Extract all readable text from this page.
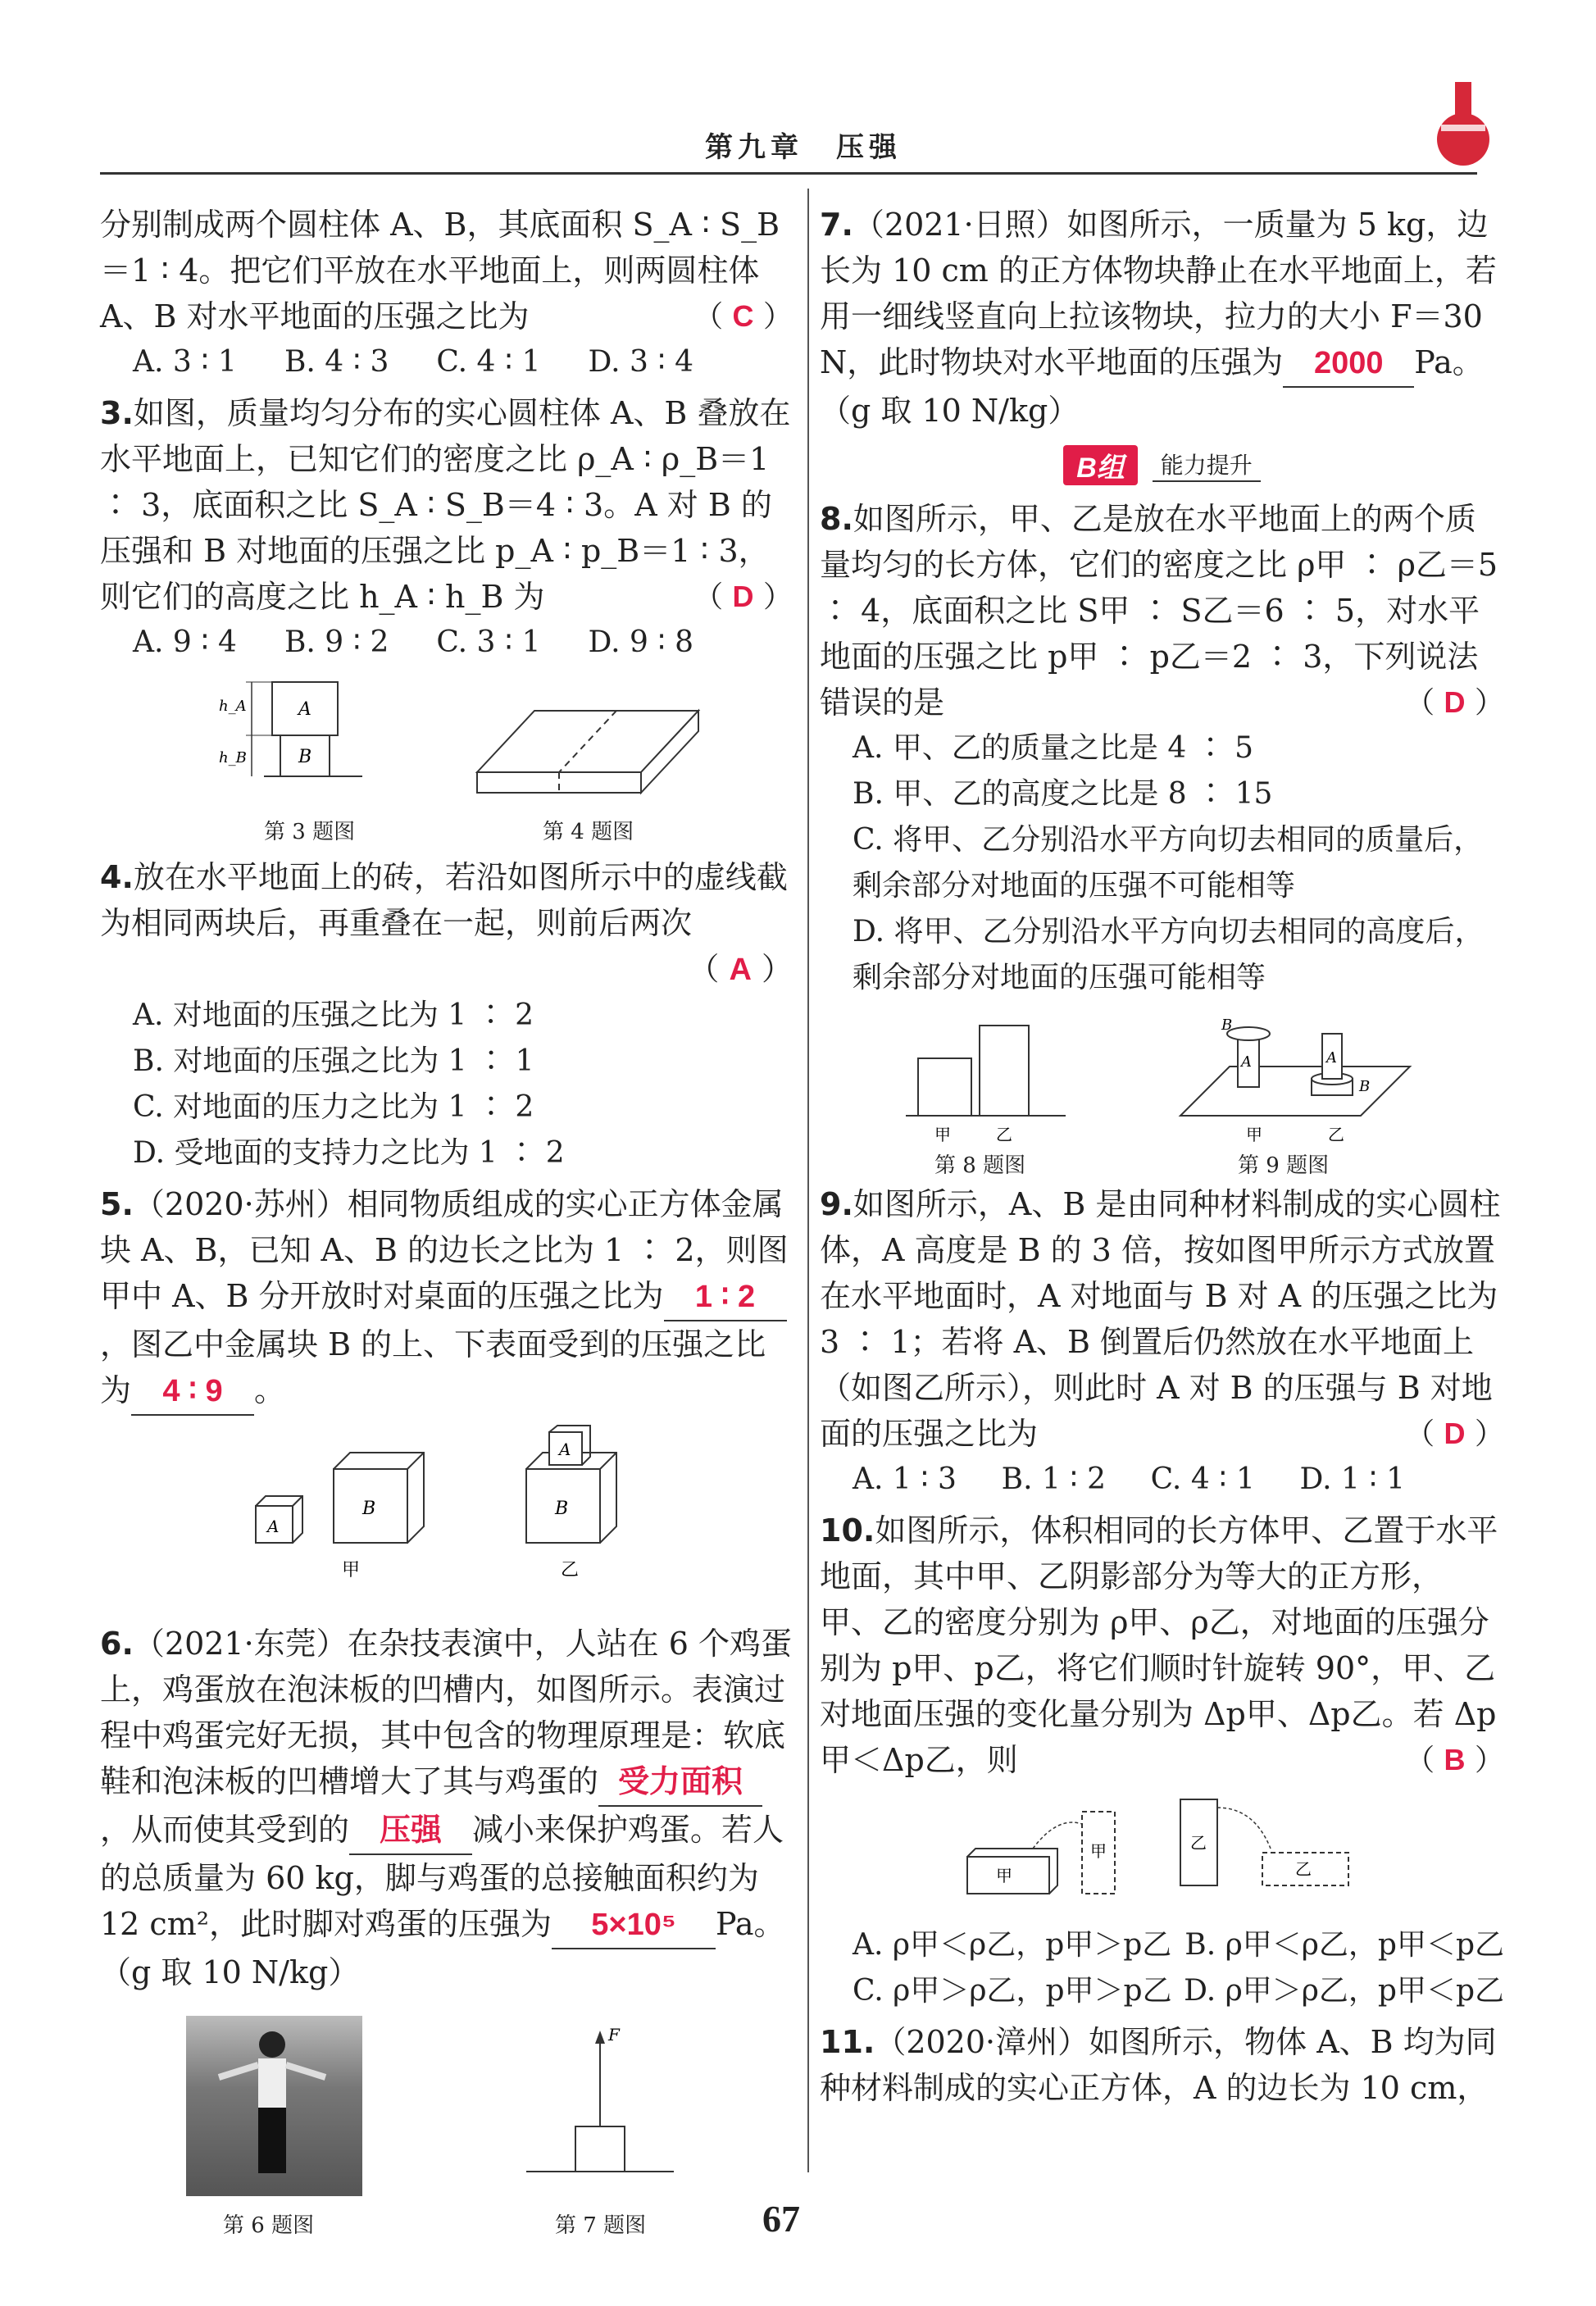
第九章　压强

分别制成两个圆柱体 A、B，其底面积 S_A ∶ S_B＝1 ∶ 4。把它们平放在水平地面上，则两圆柱体 A、B 对水平地面的压强之比为	（ C ）

A. 3 ∶ 1 B. 4 ∶ 3 C. 4 ∶ 1 D. 3 ∶ 4

3.如图，质量均匀分布的实心圆柱体 A、B 叠放在水平地面上，已知它们的密度之比 ρ_A ∶ ρ_B＝1 ∶ 3，底面积之比 S_A ∶ S_B＝4 ∶ 3。A 对 B 的压强和 B 对地面的压强之比 p_A ∶ p_B＝1 ∶ 3，则它们的高度之比 h_A ∶ h_B 为	（ D ）

A. 9 ∶ 4 B. 9 ∶ 2 C. 3 ∶ 1 D. 9 ∶ 8
A
B
h_A
h_B
第 3 题图	第 4 题图

4.放在水平地面上的砖，若沿如图所示中的虚线截为相同两块后，再重叠在一起，则前后两次

（ A ）

A. 对地面的压强之比为 1 ∶ 2
B. 对地面的压强之比为 1 ∶ 1
C. 对地面的压力之比为 1 ∶ 2
D. 受地面的支持力之比为 1 ∶ 2

5.（2020·苏州）相同物质组成的实心正方体金属块 A、B，已知 A、B 的边长之比为 1 ∶ 2，则图甲中 A、B 分开放时对桌面的压强之比为 1 ∶ 2，图乙中金属块 B 的上、下表面受到的压强之比为 4 ∶ 9 。

A
B
A
B
甲	乙

6.（2021·东莞）在杂技表演中，人站在 6 个鸡蛋上，鸡蛋放在泡沫板的凹槽内，如图所示。表演过程中鸡蛋完好无损，其中包含的物理原理是：软底鞋和泡沫板的凹槽增大了其与鸡蛋的 受力面积，从而使其受到的 压强 减小来保护鸡蛋。若人的总质量为 60 kg，脚与鸡蛋的总接触面积约为 12 cm²，此时脚对鸡蛋的压强为 5×10⁵ Pa。（g 取 10 N/kg）

第 6 题图
F
第 7 题图

7.（2021·日照）如图所示，一质量为 5 kg，边长为 10 cm 的正方体物块静止在水平地面上，若用一细线竖直向上拉该物块，拉力的大小 F＝30 N，此时物块对水平地面的压强为 2000 Pa。（g 取 10 N/kg）

B组	能力提升

8.如图所示，甲、乙是放在水平地面上的两个质量均匀的长方体，它们的密度之比 ρ甲 ∶ ρ乙＝5 ∶ 4，底面积之比 S甲 ∶ S乙＝6 ∶ 5，对水平地面的压强之比 p甲 ∶ p乙＝2 ∶ 3，下列说法错误的是	（ D ）

A. 甲、乙的质量之比是 4 ∶ 5
B. 甲、乙的高度之比是 8 ∶ 15
C. 将甲、乙分别沿水平方向切去相同的质量后，剩余部分对地面的压强不可能相等
D. 将甲、乙分别沿水平方向切去相同的高度后，剩余部分对地面的压强可能相等
甲	乙
第 8 题图
B
A	A
B
甲	乙
第 9 题图

9.如图所示，A、B 是由同种材料制成的实心圆柱体，A 高度是 B 的 3 倍，按如图甲所示方式放置在水平地面时，A 对地面与 B 对 A 的压强之比为 3 ∶ 1；若将 A、B 倒置后仍然放在水平地面上（如图乙所示），则此时 A 对 B 的压强与 B 对地面的压强之比为	（ D ）

A. 1 ∶ 3 B. 1 ∶ 2 C. 4 ∶ 1 D. 1 ∶ 1

10.如图所示，体积相同的长方体甲、乙置于水平地面，其中甲、乙阴影部分为等大的正方形，甲、乙的密度分别为 ρ甲、ρ乙，对地面的压强分别为 p甲、p乙，将它们顺时针旋转 90°，甲、乙对地面压强的变化量分别为 Δp甲、Δp乙。若 Δp甲＜Δp乙，则	（ B ）

甲
甲	乙
乙
A. ρ甲＜ρ乙，p甲＞p乙 B. ρ甲＜ρ乙，p甲＜p乙
C. ρ甲＞ρ乙，p甲＞p乙 D. ρ甲＞ρ乙，p甲＜p乙

11.（2020·漳州）如图所示，物体 A、B 均为同种材料制成的实心正方体，A 的边长为 10 cm，

67
